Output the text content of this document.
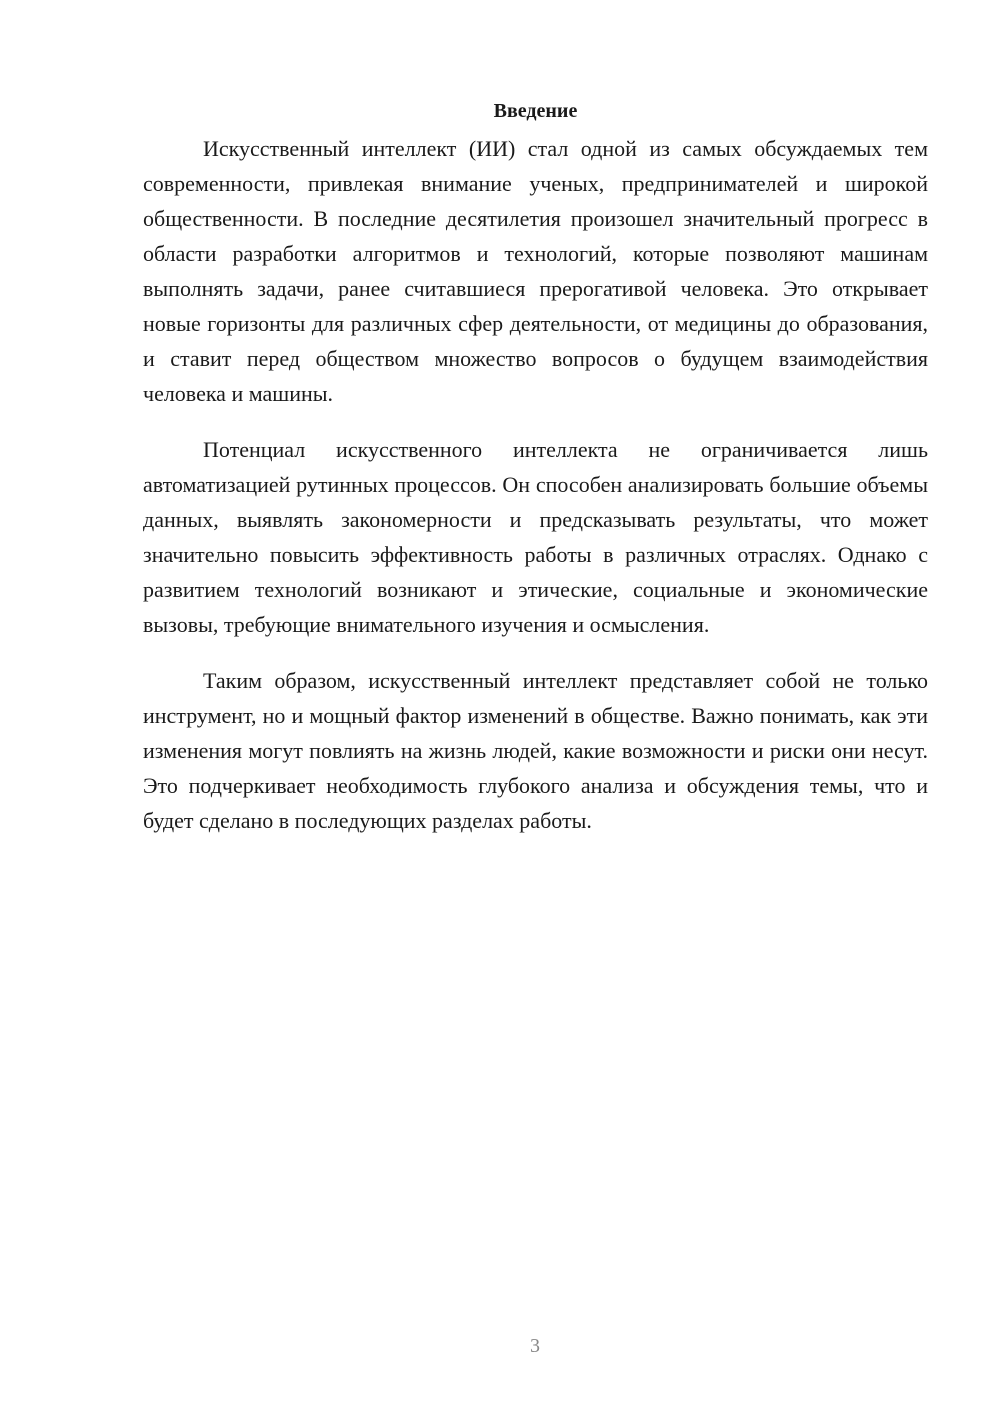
Введение

Искусственный интеллект (ИИ) стал одной из самых обсуждаемых тем современности, привлекая внимание ученых, предпринимателей и широкой общественности. В последние десятилетия произошел значительный прогресс в области разработки алгоритмов и технологий, которые позволяют машинам выполнять задачи, ранее считавшиеся прерогативой человека. Это открывает новые горизонты для различных сфер деятельности, от медицины до образования, и ставит перед обществом множество вопросов о будущем взаимодействия человека и машины.

Потенциал искусственного интеллекта не ограничивается лишь автоматизацией рутинных процессов. Он способен анализировать большие объемы данных, выявлять закономерности и предсказывать результаты, что может значительно повысить эффективность работы в различных отраслях. Однако с развитием технологий возникают и этические, социальные и экономические вызовы, требующие внимательного изучения и осмысления.

Таким образом, искусственный интеллект представляет собой не только инструмент, но и мощный фактор изменений в обществе. Важно понимать, как эти изменения могут повлиять на жизнь людей, какие возможности и риски они несут. Это подчеркивает необходимость глубокого анализа и обсуждения темы, что и будет сделано в последующих разделах работы.

3
